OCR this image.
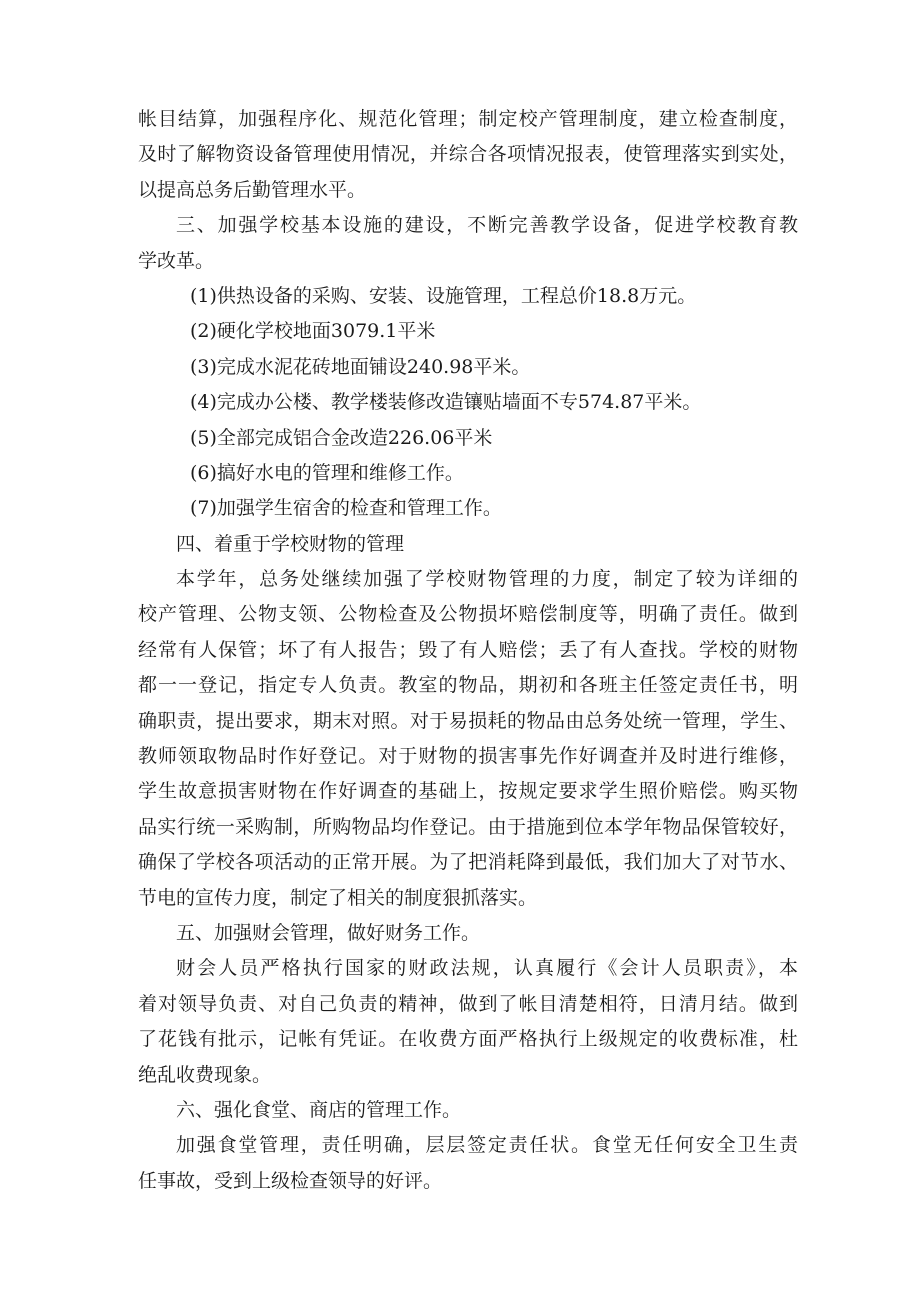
帐目结算，加强程序化、规范化管理；制定校产管理制度，建立检查制度，
及时了解物资设备管理使用情况，并综合各项情况报表，使管理落实到实处，
以提高总务后勤管理水平。
三、加强学校基本设施的建设，不断完善教学设备，促进学校教育教
学改革。
(1)供热设备的采购、安装、设施管理，工程总价18.8万元。
(2)硬化学校地面3079.1平米
(3)完成水泥花砖地面铺设240.98平米。
(4)完成办公楼、教学楼装修改造镶贴墙面不专574.87平米。
(5)全部完成铝合金改造226.06平米
(6)搞好水电的管理和维修工作。
(7)加强学生宿舍的检查和管理工作。
四、着重于学校财物的管理
本学年，总务处继续加强了学校财物管理的力度，制定了较为详细的
校产管理、公物支领、公物检查及公物损坏赔偿制度等，明确了责任。做到
经常有人保管；坏了有人报告；毁了有人赔偿；丢了有人查找。学校的财物
都一一登记，指定专人负责。教室的物品，期初和各班主任签定责任书，明
确职责，提出要求，期末对照。对于易损耗的物品由总务处统一管理，学生、
教师领取物品时作好登记。对于财物的损害事先作好调查并及时进行维修，
学生故意损害财物在作好调查的基础上，按规定要求学生照价赔偿。购买物
品实行统一采购制，所购物品均作登记。由于措施到位本学年物品保管较好，
确保了学校各项活动的正常开展。为了把消耗降到最低，我们加大了对节水、
节电的宣传力度，制定了相关的制度狠抓落实。
五、加强财会管理，做好财务工作。
财会人员严格执行国家的财政法规，认真履行《会计人员职责》，本
着对领导负责、对自己负责的精神，做到了帐目清楚相符，日清月结。做到
了花钱有批示，记帐有凭证。在收费方面严格执行上级规定的收费标准，杜
绝乱收费现象。
六、强化食堂、商店的管理工作。
加强食堂管理，责任明确，层层签定责任状。食堂无任何安全卫生责
任事故，受到上级检查领导的好评。
